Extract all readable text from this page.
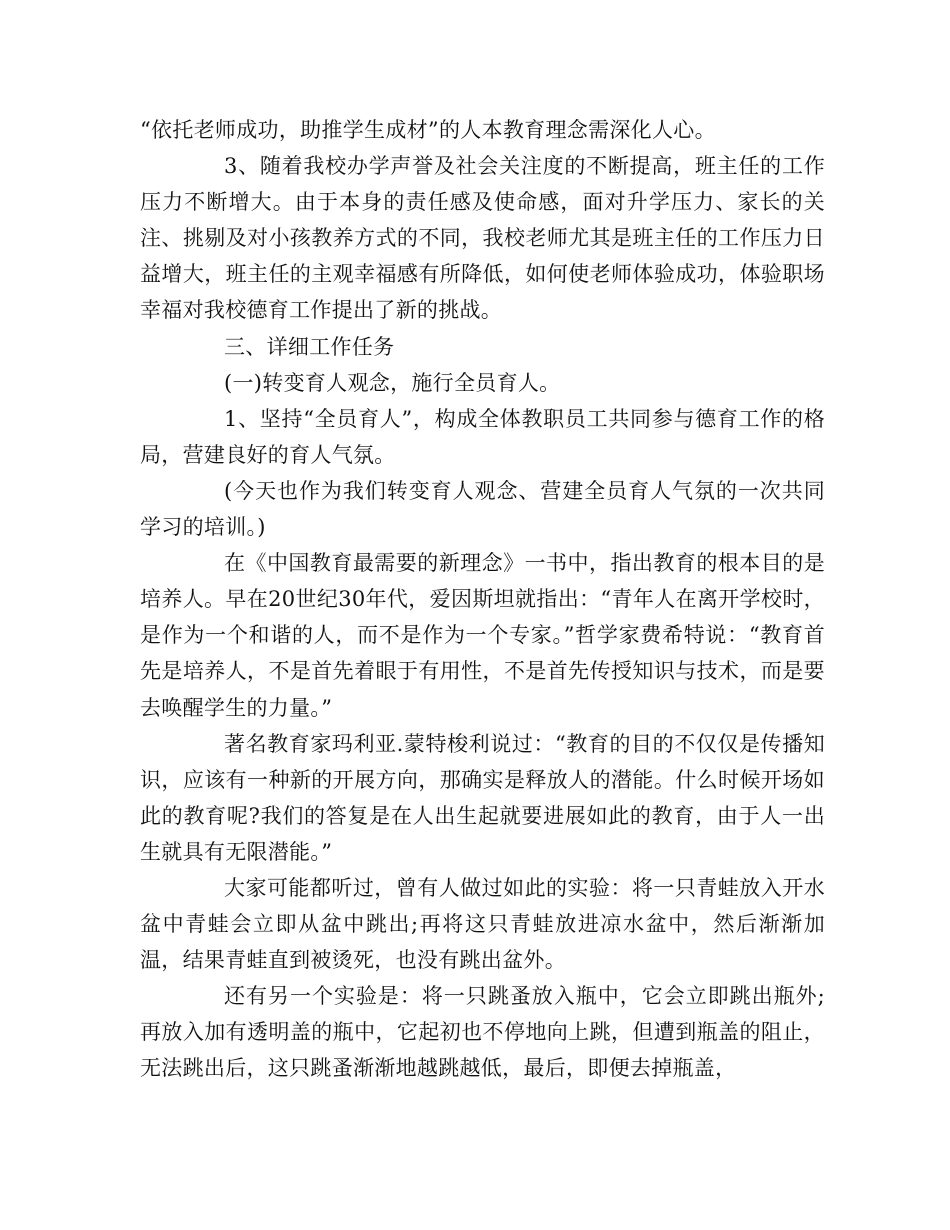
“依托老师成功，助推学生成材”的人本教育理念需深化人心。

3、随着我校办学声誉及社会关注度的不断提高，班主任的工作压力不断增大。由于本身的责任感及使命感，面对升学压力、家长的关注、挑剔及对小孩教养方式的不同，我校老师尤其是班主任的工作压力日益增大，班主任的主观幸福感有所降低，如何使老师体验成功，体验职场幸福对我校德育工作提出了新的挑战。

三、详细工作任务

(一)转变育人观念，施行全员育人。

1、坚持“全员育人”，构成全体教职员工共同参与德育工作的格局，营建良好的育人气氛。

(今天也作为我们转变育人观念、营建全员育人气氛的一次共同学习的培训。)

在《中国教育最需要的新理念》一书中，指出教育的根本目的是培养人。早在20世纪30年代，爱因斯坦就指出：“青年人在离开学校时，是作为一个和谐的人，而不是作为一个专家。”哲学家费希特说：“教育首先是培养人，不是首先着眼于有用性，不是首先传授知识与技术，而是要去唤醒学生的力量。”

著名教育家玛利亚.蒙特梭利说过：“教育的目的不仅仅是传播知识，应该有一种新的开展方向，那确实是释放人的潜能。什么时候开场如此的教育呢?我们的答复是在人出生起就要进展如此的教育，由于人一出生就具有无限潜能。”

大家可能都听过，曾有人做过如此的实验：将一只青蛙放入开水盆中青蛙会立即从盆中跳出;再将这只青蛙放进凉水盆中，然后渐渐加温，结果青蛙直到被烫死，也没有跳出盆外。

还有另一个实验是：将一只跳蚤放入瓶中，它会立即跳出瓶外;再放入加有透明盖的瓶中，它起初也不停地向上跳，但遭到瓶盖的阻止，无法跳出后，这只跳蚤渐渐地越跳越低，最后，即便去掉瓶盖，
